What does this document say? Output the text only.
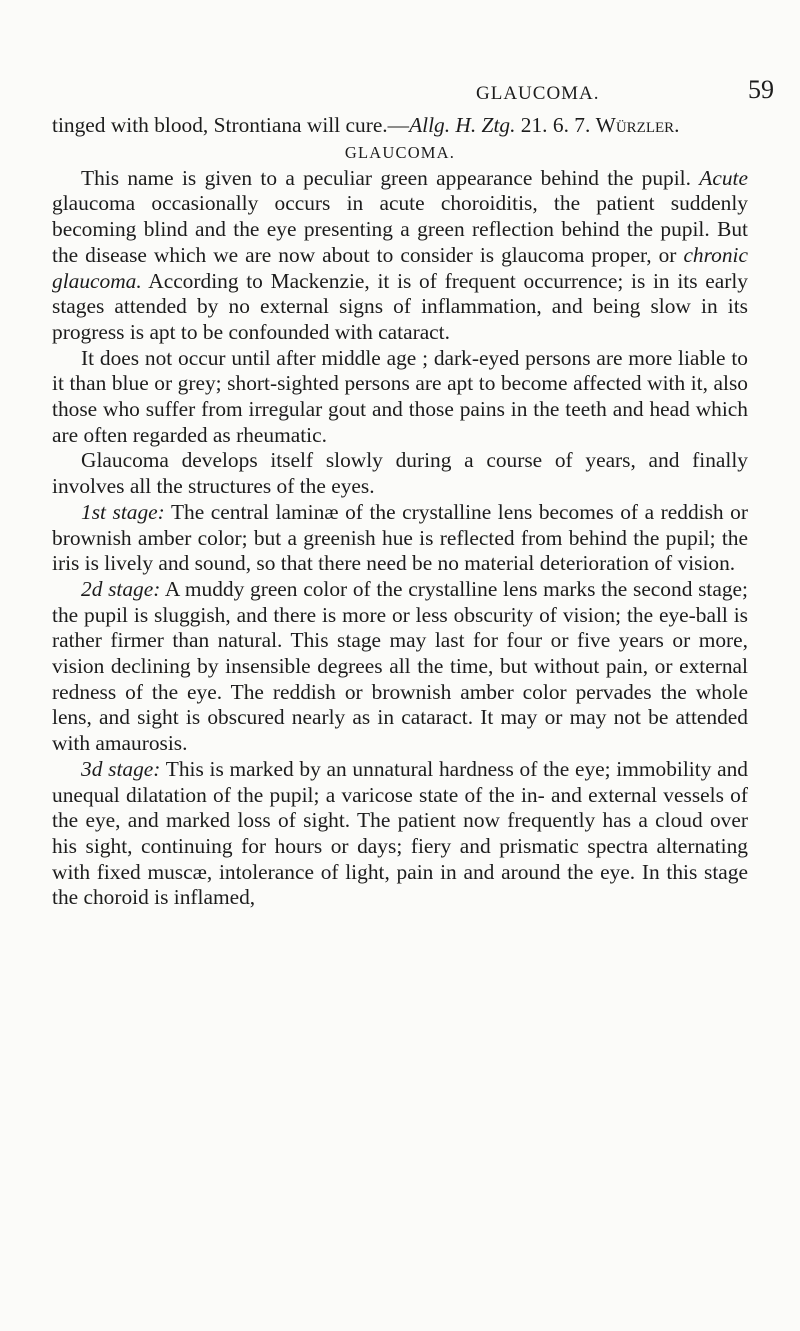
GLAUCOMA.	59

tinged with blood, Strontiana will cure.—Allg. H. Ztg. 21. 6. 7. Würzler.

GLAUCOMA.

This name is given to a peculiar green appearance behind the pupil. Acute glaucoma occasionally occurs in acute choroiditis, the patient suddenly becoming blind and the eye presenting a green reflection behind the pupil. But the disease which we are now about to consider is glaucoma proper, or chronic glaucoma. According to Mackenzie, it is of frequent occurrence; is in its early stages attended by no external signs of inflammation, and being slow in its progress is apt to be confounded with cataract.

It does not occur until after middle age ; dark-eyed persons are more liable to it than blue or grey; short-sighted persons are apt to become affected with it, also those who suffer from irregular gout and those pains in the teeth and head which are often regarded as rheumatic.

Glaucoma develops itself slowly during a course of years, and finally involves all the structures of the eyes.

1st stage: The central laminæ of the crystalline lens becomes of a reddish or brownish amber color; but a greenish hue is reflected from behind the pupil; the iris is lively and sound, so that there need be no material deterioration of vision.

2d stage: A muddy green color of the crystalline lens marks the second stage; the pupil is sluggish, and there is more or less obscurity of vision; the eye-ball is rather firmer than natural. This stage may last for four or five years or more, vision declining by insensible degrees all the time, but without pain, or external redness of the eye. The reddish or brownish amber color pervades the whole lens, and sight is obscured nearly as in cataract. It may or may not be attended with amaurosis.

3d stage: This is marked by an unnatural hardness of the eye; immobility and unequal dilatation of the pupil; a varicose state of the in- and external vessels of the eye, and marked loss of sight. The patient now frequently has a cloud over his sight, continuing for hours or days; fiery and prismatic spectra alternating with fixed muscæ, intolerance of light, pain in and around the eye. In this stage the choroid is inflamed,
